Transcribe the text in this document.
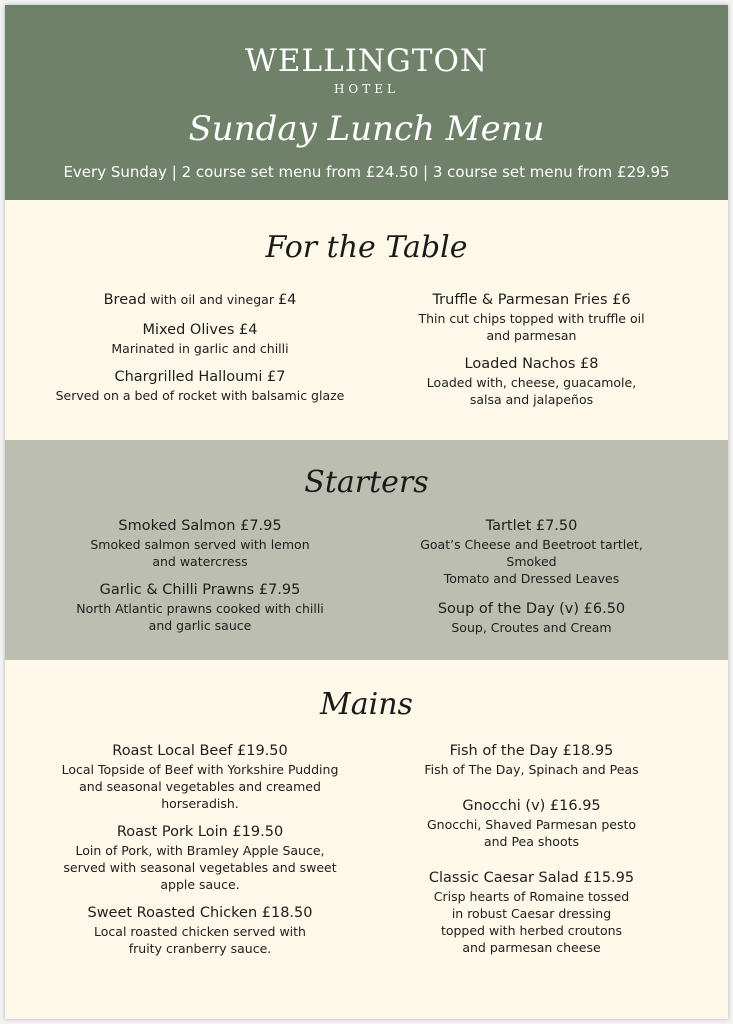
WELLINGTON
HOTEL
Sunday Lunch Menu
Every Sunday | 2 course set menu from £24.50 | 3 course set menu from £29.95
For the Table
Bread with oil and vinegar £4
Mixed Olives £4
Marinated in garlic and chilli
Chargrilled Halloumi £7
Served on a bed of rocket with balsamic glaze
Truffle & Parmesan Fries £6
Thin cut chips topped with truffle oil
and parmesan
Loaded Nachos £8
Loaded with, cheese, guacamole,
salsa and jalapeños
Starters
Smoked Salmon £7.95
Smoked salmon served with lemon
and watercress
Garlic & Chilli Prawns £7.95
North Atlantic prawns cooked with chilli
and garlic sauce
Tartlet £7.50
Goat’s Cheese and Beetroot tartlet, Smoked
Tomato and Dressed Leaves
Soup of the Day (v) £6.50
Soup, Croutes and Cream
Mains
Roast Local Beef £19.50
Local Topside of Beef with Yorkshire Pudding
and seasonal vegetables and creamed
horseradish.
Roast Pork Loin £19.50
Loin of Pork, with Bramley Apple Sauce,
served with seasonal vegetables and sweet
apple sauce.
Sweet Roasted Chicken £18.50
Local roasted chicken served with
fruity cranberry sauce.
Fish of the Day £18.95
Fish of The Day, Spinach and Peas
Gnocchi (v) £16.95
Gnocchi, Shaved Parmesan pesto
and Pea shoots
Classic Caesar Salad £15.95
Crisp hearts of Romaine tossed
in robust Caesar dressing
topped with herbed croutons
and parmesan cheese
